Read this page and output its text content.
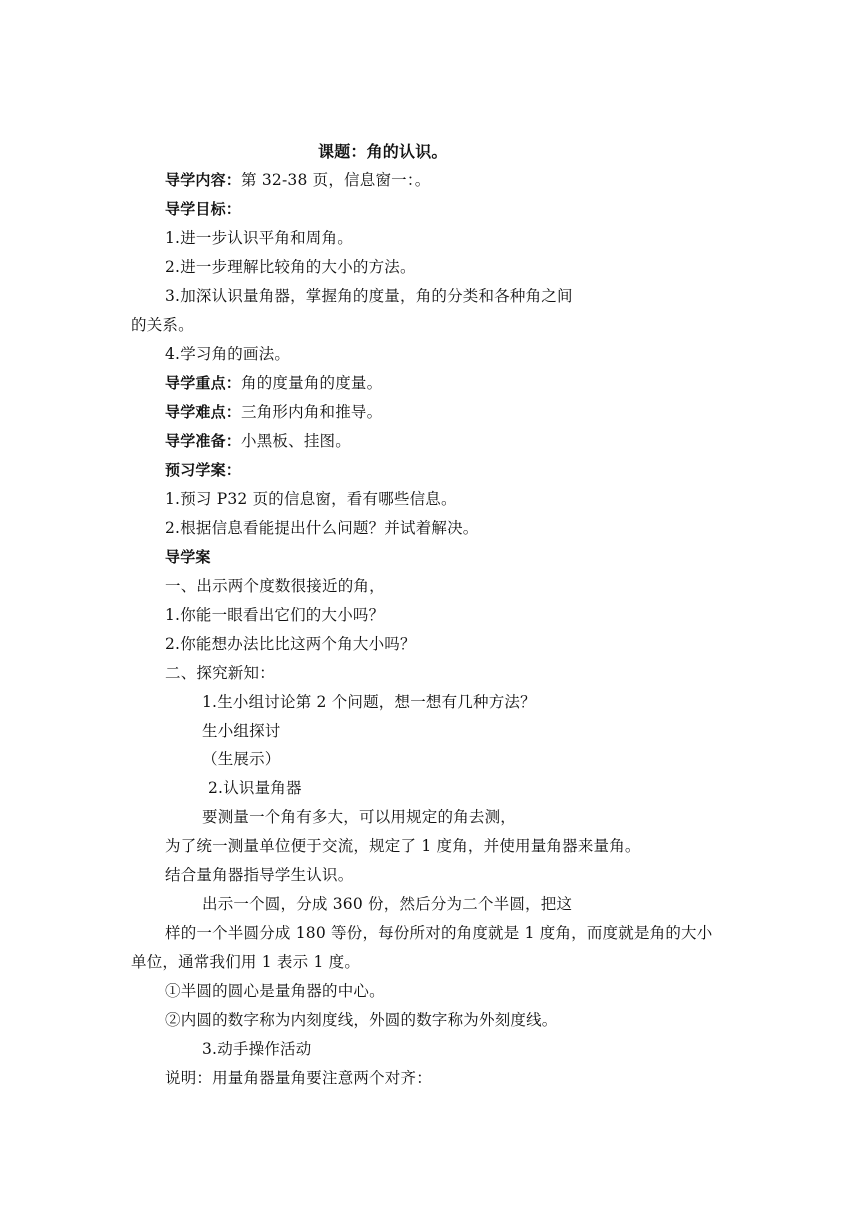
课题：角的认识。
导学内容：第 32-38 页，信息窗一：。
导学目标：
1.进一步认识平角和周角。
2.进一步理解比较角的大小的方法。
3.加深认识量角器，掌握角的度量，角的分类和各种角之间
的关系。
4.学习角的画法。
导学重点：角的度量角的度量。
导学难点：三角形内角和推导。
导学准备：小黑板、挂图。
预习学案：
1.预习 P32 页的信息窗，看有哪些信息。
2.根据信息看能提出什么问题？并试着解决。
导学案
一、出示两个度数很接近的角，
1.你能一眼看出它们的大小吗？
2.你能想办法比比这两个角大小吗？
二、探究新知：
1.生小组讨论第 2 个问题，想一想有几种方法？
生小组探讨
（生展示）
2.认识量角器
要测量一个角有多大，可以用规定的角去测，
为了统一测量单位便于交流，规定了 1 度角，并使用量角器来量角。
结合量角器指导学生认识。
出示一个圆，分成 360 份，然后分为二个半圆，把这
样的一个半圆分成 180 等份，每份所对的角度就是 1 度角，而度就是角的大小
单位，通常我们用 1 表示 1 度。
①半圆的圆心是量角器的中心。
②内圆的数字称为内刻度线，外圆的数字称为外刻度线。
3.动手操作活动
说明：用量角器量角要注意两个对齐：
